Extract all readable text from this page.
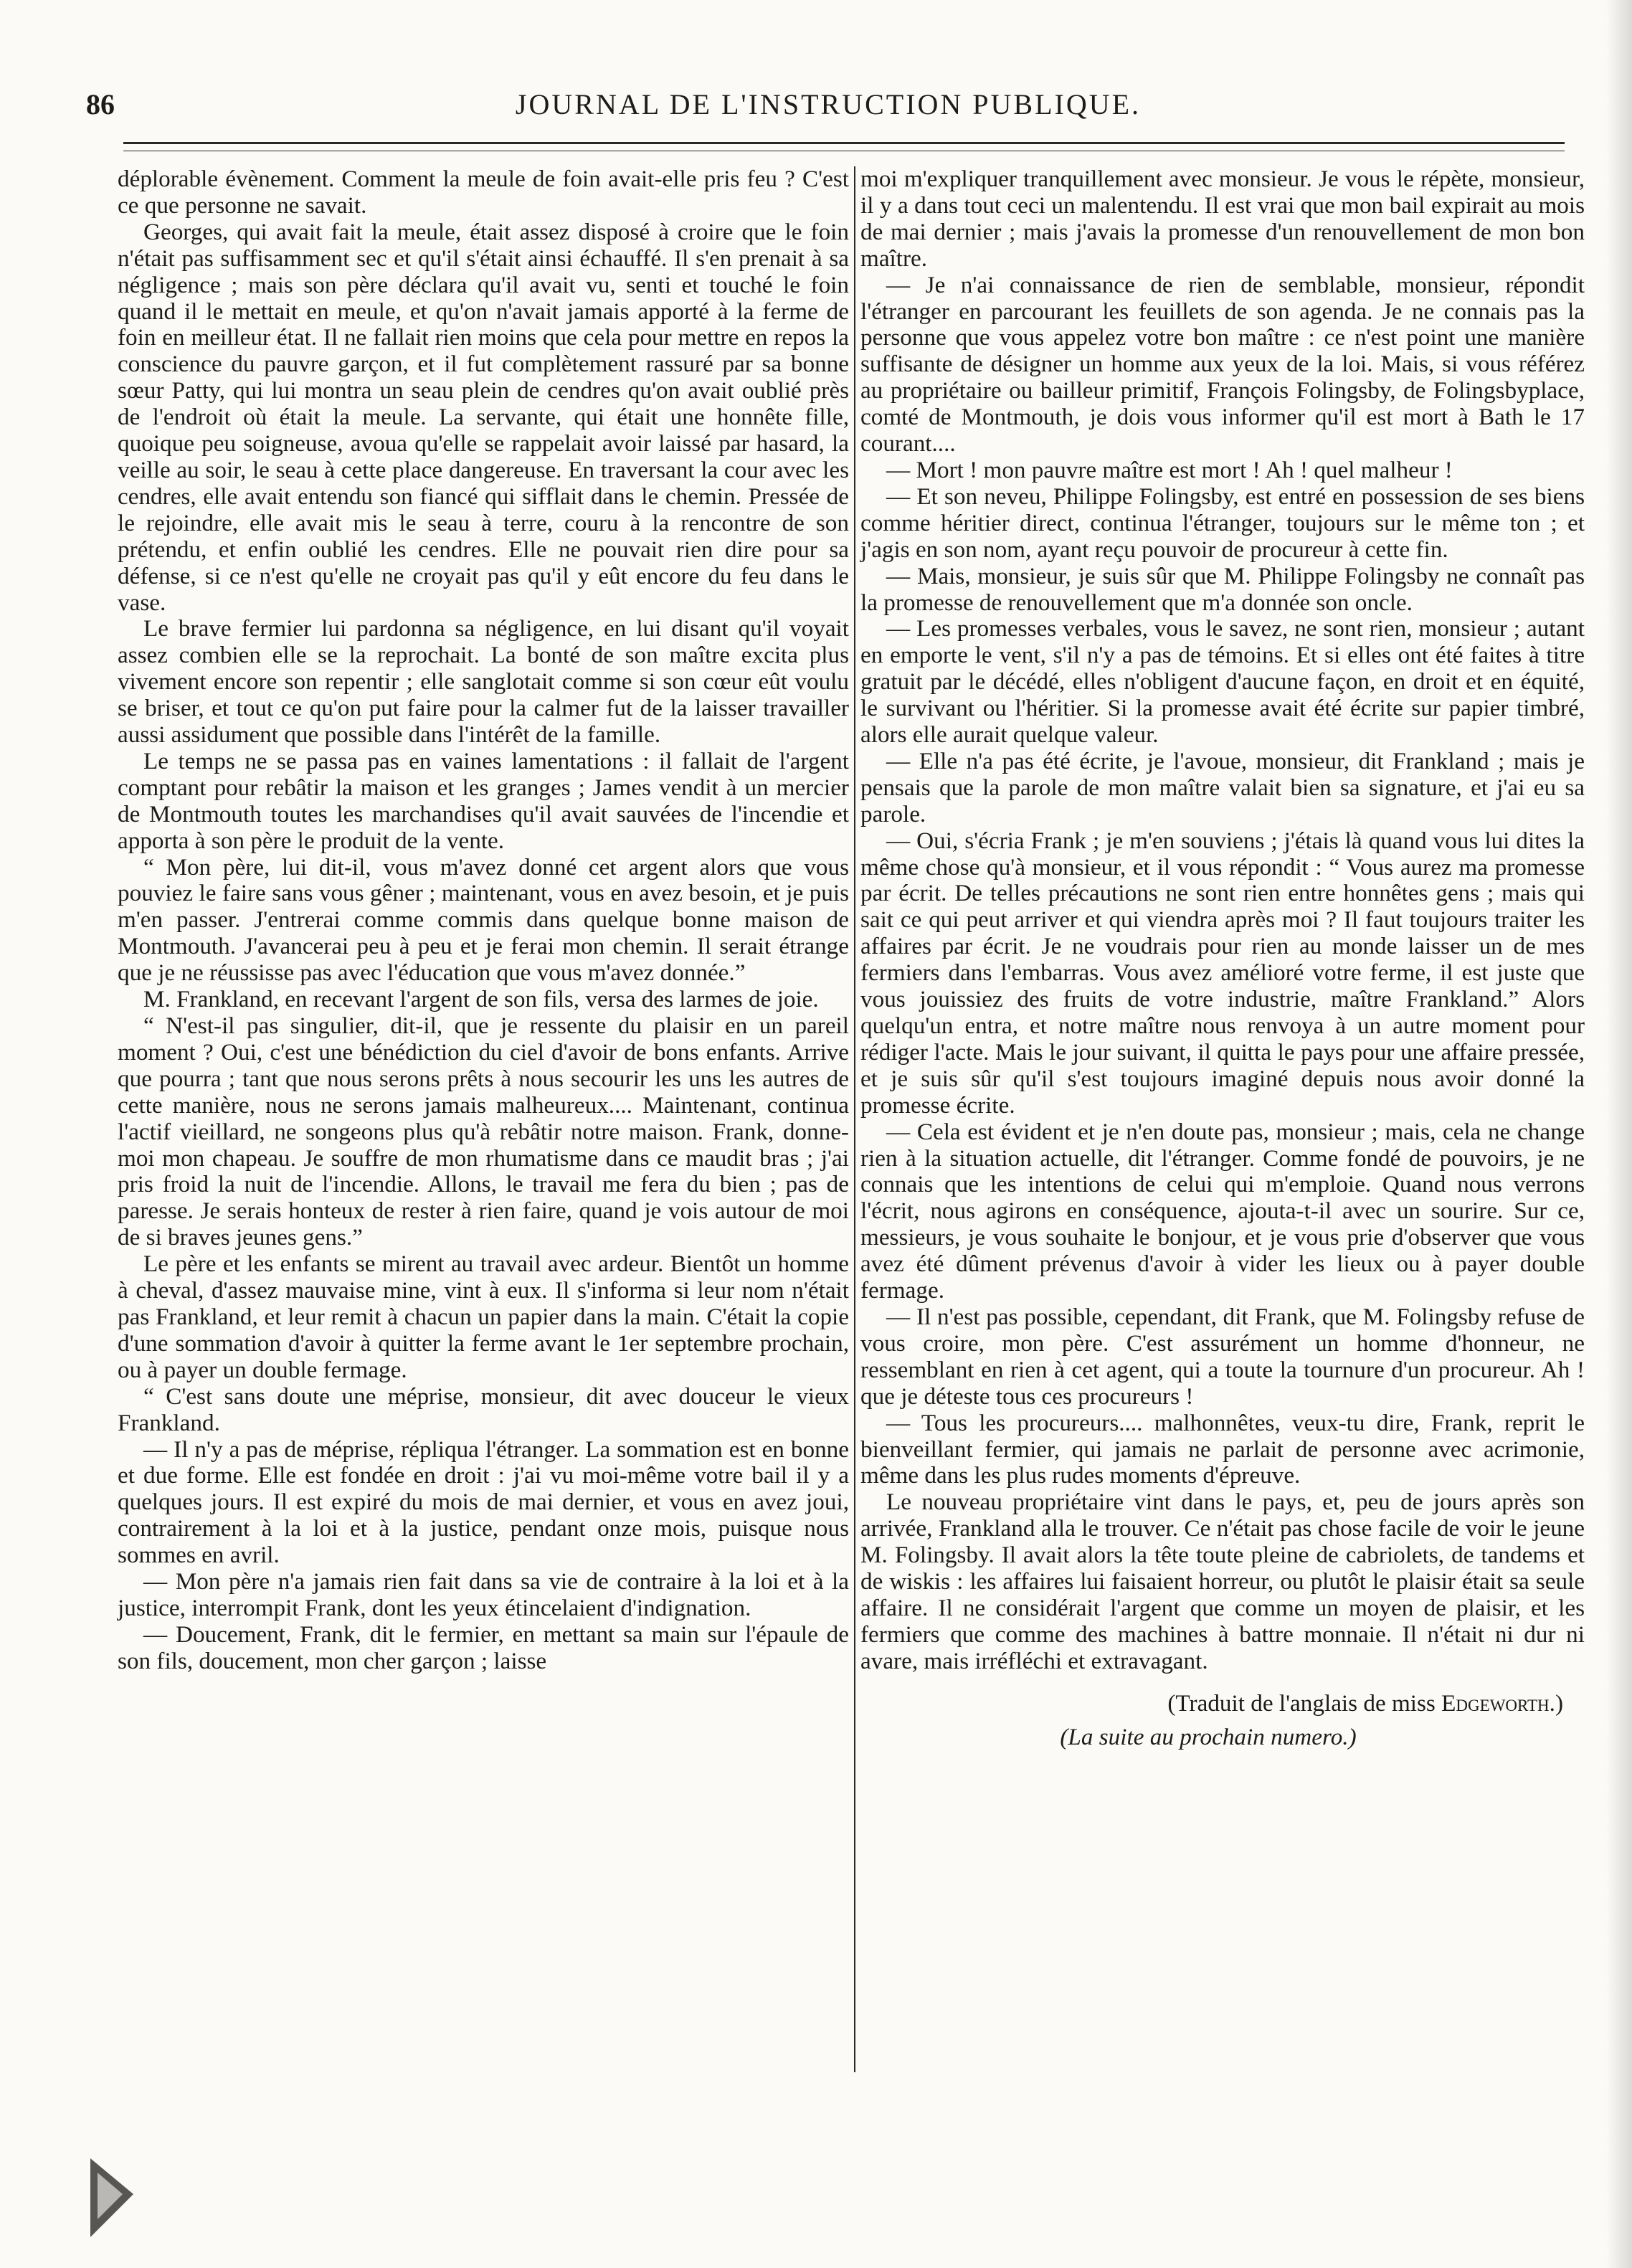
86	JOURNAL DE L'INSTRUCTION PUBLIQUE.

déplorable évènement. Comment la meule de foin avait-elle pris feu ? C'est ce que personne ne savait.

Georges, qui avait fait la meule, était assez disposé à croire que le foin n'était pas suffisamment sec et qu'il s'était ainsi échauffé. Il s'en prenait à sa négligence ; mais son père déclara qu'il avait vu, senti et touché le foin quand il le mettait en meule, et qu'on n'avait jamais apporté à la ferme de foin en meilleur état. Il ne fallait rien moins que cela pour mettre en repos la conscience du pauvre garçon, et il fut complètement rassuré par sa bonne sœur Patty, qui lui montra un seau plein de cendres qu'on avait oublié près de l'endroit où était la meule. La servante, qui était une honnête fille, quoique peu soigneuse, avoua qu'elle se rappelait avoir laissé par hasard, la veille au soir, le seau à cette place dangereuse. En traversant la cour avec les cendres, elle avait entendu son fiancé qui sifflait dans le chemin. Pressée de le rejoindre, elle avait mis le seau à terre, couru à la rencontre de son prétendu, et enfin oublié les cendres. Elle ne pouvait rien dire pour sa défense, si ce n'est qu'elle ne croyait pas qu'il y eût encore du feu dans le vase.

Le brave fermier lui pardonna sa négligence, en lui disant qu'il voyait assez combien elle se la reprochait. La bonté de son maître excita plus vivement encore son repentir ; elle sanglotait comme si son cœur eût voulu se briser, et tout ce qu'on put faire pour la calmer fut de la laisser travailler aussi assidument que possible dans l'intérêt de la famille.

Le temps ne se passa pas en vaines lamentations : il fallait de l'argent comptant pour rebâtir la maison et les granges ; James vendit à un mercier de Montmouth toutes les marchandises qu'il avait sauvées de l'incendie et apporta à son père le produit de la vente.

“ Mon père, lui dit-il, vous m'avez donné cet argent alors que vous pouviez le faire sans vous gêner ; maintenant, vous en avez besoin, et je puis m'en passer. J'entrerai comme commis dans quelque bonne maison de Montmouth. J'avancerai peu à peu et je ferai mon chemin. Il serait étrange que je ne réussisse pas avec l'éducation que vous m'avez donnée.”

M. Frankland, en recevant l'argent de son fils, versa des larmes de joie.

“ N'est-il pas singulier, dit-il, que je ressente du plaisir en un pareil moment ? Oui, c'est une bénédiction du ciel d'avoir de bons enfants. Arrive que pourra ; tant que nous serons prêts à nous secourir les uns les autres de cette manière, nous ne serons jamais malheureux.... Maintenant, continua l'actif vieillard, ne songeons plus qu'à rebâtir notre maison. Frank, donne-moi mon chapeau. Je souffre de mon rhumatisme dans ce maudit bras ; j'ai pris froid la nuit de l'incendie. Allons, le travail me fera du bien ; pas de paresse. Je serais honteux de rester à rien faire, quand je vois autour de moi de si braves jeunes gens.”

Le père et les enfants se mirent au travail avec ardeur. Bientôt un homme à cheval, d'assez mauvaise mine, vint à eux. Il s'informa si leur nom n'était pas Frankland, et leur remit à chacun un papier dans la main. C'était la copie d'une sommation d'avoir à quitter la ferme avant le 1er septembre prochain, ou à payer un double fermage.

“ C'est sans doute une méprise, monsieur, dit avec douceur le vieux Frankland.

— Il n'y a pas de méprise, répliqua l'étranger. La sommation est en bonne et due forme. Elle est fondée en droit : j'ai vu moi-même votre bail il y a quelques jours. Il est expiré du mois de mai dernier, et vous en avez joui, contrairement à la loi et à la justice, pendant onze mois, puisque nous sommes en avril.

— Mon père n'a jamais rien fait dans sa vie de contraire à la loi et à la justice, interrompit Frank, dont les yeux étincelaient d'indignation.

— Doucement, Frank, dit le fermier, en mettant sa main sur l'épaule de son fils, doucement, mon cher garçon ; laisse

moi m'expliquer tranquillement avec monsieur. Je vous le répète, monsieur, il y a dans tout ceci un malentendu. Il est vrai que mon bail expirait au mois de mai dernier ; mais j'avais la promesse d'un renouvellement de mon bon maître.

— Je n'ai connaissance de rien de semblable, monsieur, répondit l'étranger en parcourant les feuillets de son agenda. Je ne connais pas la personne que vous appelez votre bon maître : ce n'est point une manière suffisante de désigner un homme aux yeux de la loi. Mais, si vous référez au propriétaire ou bailleur primitif, François Folingsby, de Folingsbyplace, comté de Montmouth, je dois vous informer qu'il est mort à Bath le 17 courant....

— Mort ! mon pauvre maître est mort ! Ah ! quel malheur !

— Et son neveu, Philippe Folingsby, est entré en possession de ses biens comme héritier direct, continua l'étranger, toujours sur le même ton ; et j'agis en son nom, ayant reçu pouvoir de procureur à cette fin.

— Mais, monsieur, je suis sûr que M. Philippe Folingsby ne connaît pas la promesse de renouvellement que m'a donnée son oncle.

— Les promesses verbales, vous le savez, ne sont rien, monsieur ; autant en emporte le vent, s'il n'y a pas de témoins. Et si elles ont été faites à titre gratuit par le décédé, elles n'obligent d'aucune façon, en droit et en équité, le survivant ou l'héritier. Si la promesse avait été écrite sur papier timbré, alors elle aurait quelque valeur.

— Elle n'a pas été écrite, je l'avoue, monsieur, dit Frankland ; mais je pensais que la parole de mon maître valait bien sa signature, et j'ai eu sa parole.

— Oui, s'écria Frank ; je m'en souviens ; j'étais là quand vous lui dites la même chose qu'à monsieur, et il vous répondit : “ Vous aurez ma promesse par écrit. De telles précautions ne sont rien entre honnêtes gens ; mais qui sait ce qui peut arriver et qui viendra après moi ? Il faut toujours traiter les affaires par écrit. Je ne voudrais pour rien au monde laisser un de mes fermiers dans l'embarras. Vous avez amélioré votre ferme, il est juste que vous jouissiez des fruits de votre industrie, maître Frankland.” Alors quelqu'un entra, et notre maître nous renvoya à un autre moment pour rédiger l'acte. Mais le jour suivant, il quitta le pays pour une affaire pressée, et je suis sûr qu'il s'est toujours imaginé depuis nous avoir donné la promesse écrite.

— Cela est évident et je n'en doute pas, monsieur ; mais, cela ne change rien à la situation actuelle, dit l'étranger. Comme fondé de pouvoirs, je ne connais que les intentions de celui qui m'emploie. Quand nous verrons l'écrit, nous agirons en conséquence, ajouta-t-il avec un sourire. Sur ce, messieurs, je vous souhaite le bonjour, et je vous prie d'observer que vous avez été dûment prévenus d'avoir à vider les lieux ou à payer double fermage.

— Il n'est pas possible, cependant, dit Frank, que M. Folingsby refuse de vous croire, mon père. C'est assurément un homme d'honneur, ne ressemblant en rien à cet agent, qui a toute la tournure d'un procureur. Ah ! que je déteste tous ces procureurs !

— Tous les procureurs.... malhonnêtes, veux-tu dire, Frank, reprit le bienveillant fermier, qui jamais ne parlait de personne avec acrimonie, même dans les plus rudes moments d'épreuve.

Le nouveau propriétaire vint dans le pays, et, peu de jours après son arrivée, Frankland alla le trouver. Ce n'était pas chose facile de voir le jeune M. Folingsby. Il avait alors la tête toute pleine de cabriolets, de tandems et de wiskis : les affaires lui faisaient horreur, ou plutôt le plaisir était sa seule affaire. Il ne considérait l'argent que comme un moyen de plaisir, et les fermiers que comme des machines à battre monnaie. Il n'était ni dur ni avare, mais irréfléchi et extravagant.

(Traduit de l'anglais de miss Edgeworth.)

(La suite au prochain numero.)
